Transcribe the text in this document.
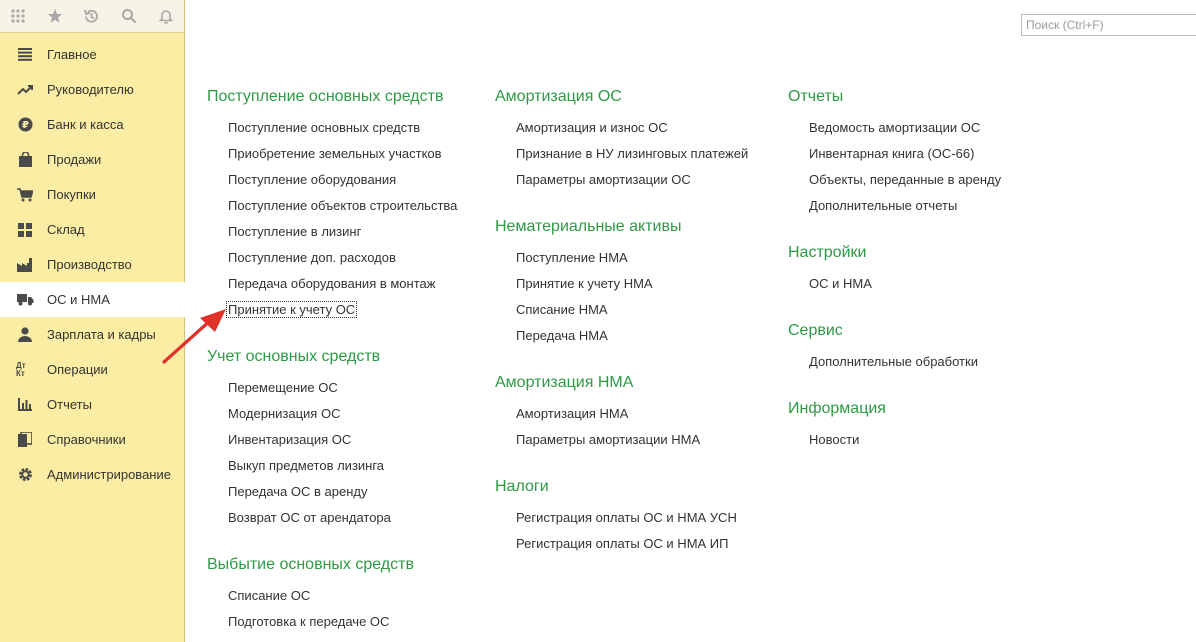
Главное
Руководителю
₽ Банк и касса
Продажи
Покупки
Склад
Производство
ОС и НМА
Зарплата и кадры
Дт Кт	Операции
Отчеты
Справочники
Администрирование
Поиск (Ctrl+F)
Поступление основных средств
Поступление основных средств
Приобретение земельных участков
Поступление оборудования
Поступление объектов строительства
Поступление в лизинг
Поступление доп. расходов
Передача оборудования в монтаж
Принятие к учету ОС
Учет основных средств
Перемещение ОС
Модернизация ОС
Инвентаризация ОС
Выкуп предметов лизинга
Передача ОС в аренду
Возврат ОС от арендатора
Выбытие основных средств
Списание ОС
Подготовка к передаче ОС
Амортизация ОС
Амортизация и износ ОС
Признание в НУ лизинговых платежей
Параметры амортизации ОС
Нематериальные активы
Поступление НМА
Принятие к учету НМА
Списание НМА
Передача НМА
Амортизация НМА
Амортизация НМА
Параметры амортизации НМА
Налоги
Регистрация оплаты ОС и НМА УСН
Регистрация оплаты ОС и НМА ИП
Отчеты
Ведомость амортизации ОС
Инвентарная книга (ОС-66)
Объекты, переданные в аренду
Дополнительные отчеты
Настройки
ОС и НМА
Сервис
Дополнительные обработки
Информация
Новости
